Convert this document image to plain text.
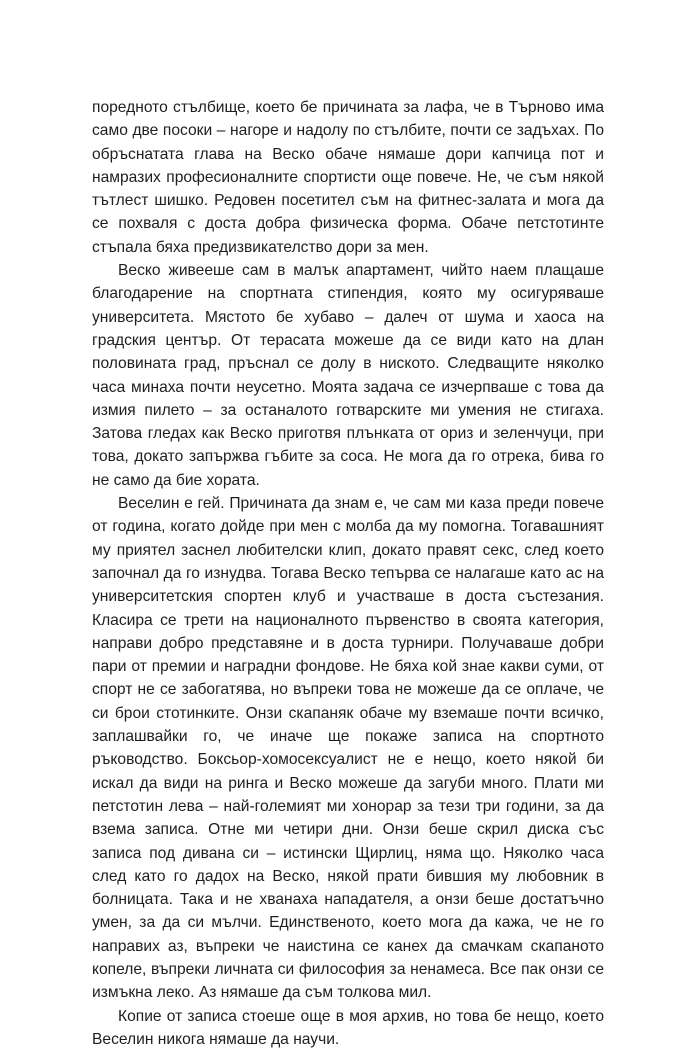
поредното стълбище, което бе причината за лафа, че в Търново има само две посоки – нагоре и надолу по стълбите, почти се задъхах. По обръснатата глава на Веско обаче нямаше дори капчица пот и намразих професионалните спортисти още повече. Не, че съм някой тътлест шишко. Редовен посетител съм на фитнес-залата и мога да се похваля с доста добра физическа форма. Обаче петстотинте стъпала бяха предизвикателство дори за мен.

Веско живееше сам в малък апартамент, чийто наем плащаше благодарение на спортната стипендия, която му осигуряваше университета. Мястото бе хубаво – далеч от шума и хаоса на градския център. От терасата можеше да се види като на длан половината град, пръснал се долу в ниското. Следващите няколко часа минаха почти неусетно. Моята задача се изчерпваше с това да измия пилето – за останалото готварските ми умения не стигаха. Затова гледах как Веско приготвя плънката от ориз и зеленчуци, при това, докато запържва гъбите за соса. Не мога да го отрека, бива го не само да бие хората.

Веселин е гей. Причината да знам е, че сам ми каза преди повече от година, когато дойде при мен с молба да му помогна. Тогавашният му приятел заснел любителски клип, докато правят секс, след което започнал да го изнудва. Тогава Веско тепърва се налагаше като ас на университетския спортен клуб и участваше в доста състезания. Класира се трети на националното първенство в своята категория, направи добро представяне и в доста турнири. Получаваше добри пари от премии и наградни фондове. Не бяха кой знае какви суми, от спорт не се забогатява, но въпреки това не можеше да се оплаче, че си брои стотинките. Онзи скапаняк обаче му вземаше почти всичко, заплашвайки го, че иначе ще покаже записа на спортното ръководство. Боксьор-хомосексуалист не е нещо, което някой би искал да види на ринга и Веско можеше да загуби много. Плати ми петстотин лева – най-големият ми хонорар за тези три години, за да взема записа. Отне ми четири дни. Онзи беше скрил диска със записа под дивана си – истински Щирлиц, няма що. Няколко часа след като го дадох на Веско, някой прати бившия му любовник в болницата. Така и не хванаха нападателя, а онзи беше достатъчно умен, за да си мълчи. Единственото, което мога да кажа, че не го направих аз, въпреки че наистина се канех да смачкам скапаното копеле, въпреки личната си философия за ненамеса. Все пак онзи се измъкна леко. Аз нямаше да съм толкова мил.

Копие от записа стоеше още в моя архив, но това бе нещо, което Веселин никога нямаше да научи.
